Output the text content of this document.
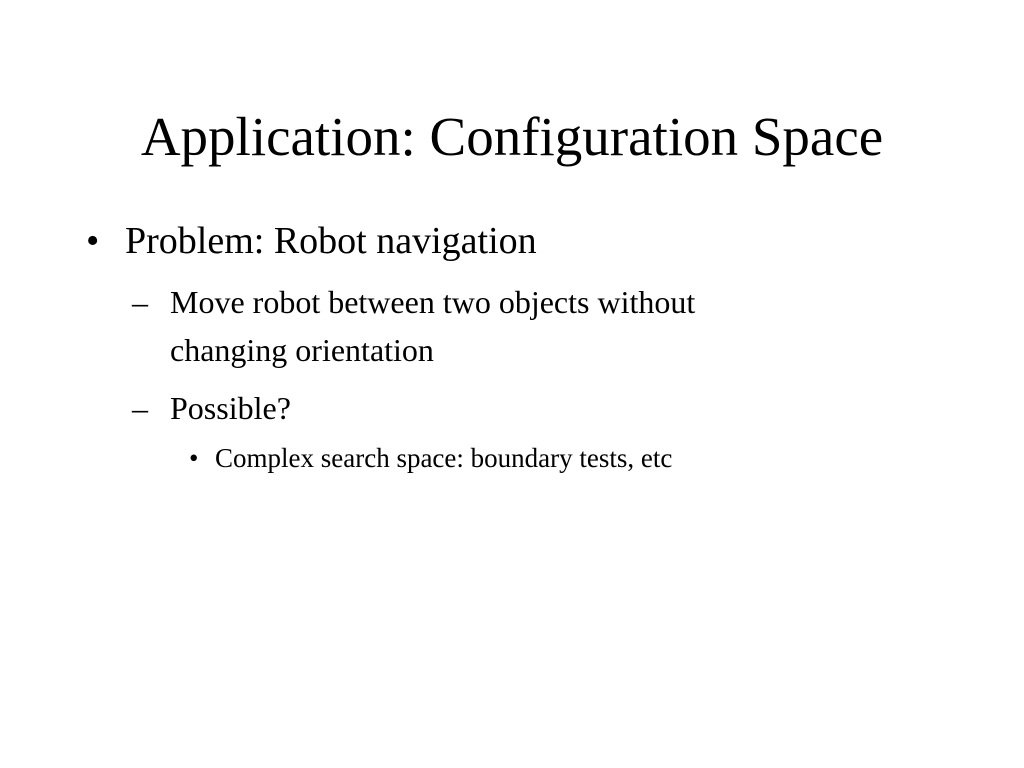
Application: Configuration Space
• Problem: Robot navigation
– Move robot between two objects without
changing orientation
– Possible?
• Complex search space: boundary tests, etc
